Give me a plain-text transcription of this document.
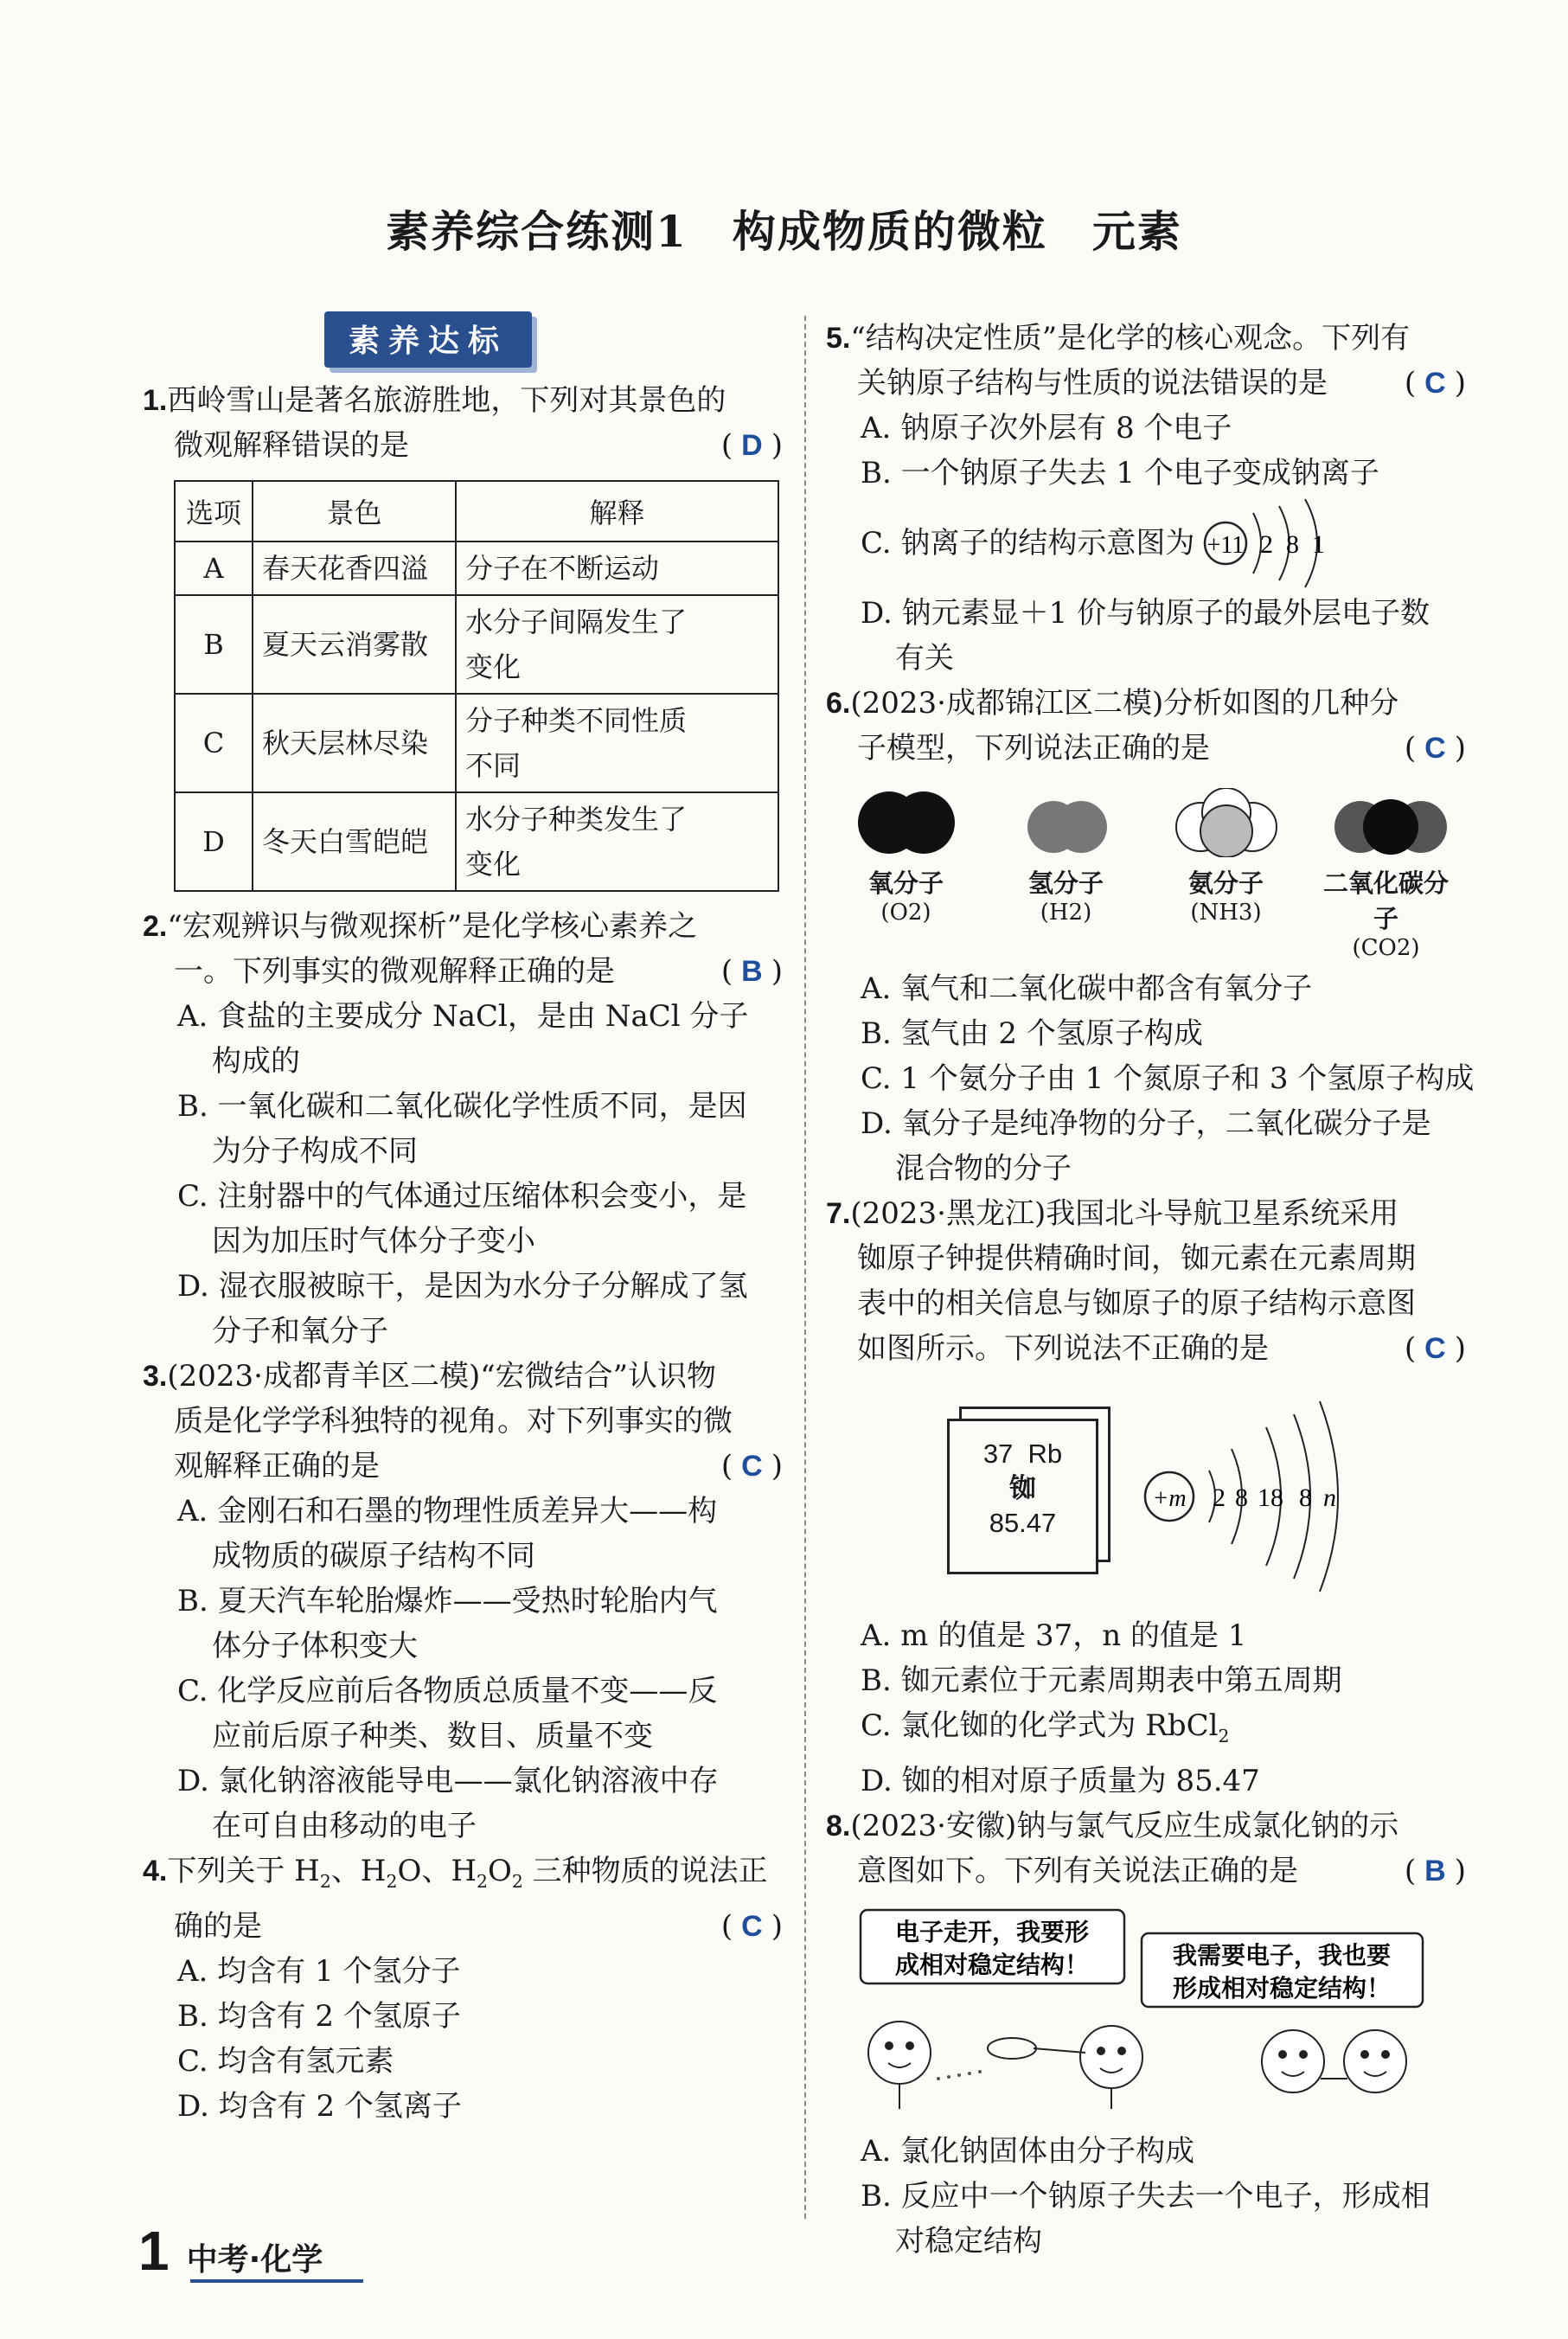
素养综合练测1　构成物质的微粒　元素
素养达标
1.西岭雪山是著名旅游胜地，下列对其景色的
微观解释错误的是	( D )
选项	景色	解释
A	春天花香四溢	分子在不断运动

B	夏天云消雾散	水分子间隔发生了
变化

C	秋天层林尽染	分子种类不同性质
不同

D	冬天白雪皑皑	水分子种类发生了
变化
2.“宏观辨识与微观探析”是化学核心素养之
一。下列事实的微观解释正确的是	( B )
A. 食盐的主要成分 NaCl，是由 NaCl 分子
构成的
B. 一氧化碳和二氧化碳化学性质不同，是因
为分子构成不同
C. 注射器中的气体通过压缩体积会变小，是
因为加压时气体分子变小
D. 湿衣服被晾干，是因为水分子分解成了氢
分子和氧分子
3.(2023·成都青羊区二模)“宏微结合”认识物
质是化学学科独特的视角。对下列事实的微
观解释正确的是	( C )
A. 金刚石和石墨的物理性质差异大——构
成物质的碳原子结构不同
B. 夏天汽车轮胎爆炸——受热时轮胎内气
体分子体积变大
C. 化学反应前后各物质总质量不变——反
应前后原子种类、数目、质量不变
D. 氯化钠溶液能导电——氯化钠溶液中存
在可自由移动的电子
4.下列关于 $H_2$、$H_2O$、$H_2O_2$ 三种物质的说法正
确的是	( C )
A. 均含有 1 个氢分子
B. 均含有 2 个氢原子
C. 均含有氢元素
D. 均含有 2 个氢离子
5.“结构决定性质”是化学的核心观念。下列有
关钠原子结构与性质的说法错误的是	( C )
A. 钠原子次外层有 8 个电子
B. 一个钠原子失去 1 个电子变成钠离子
C. 钠离子的结构示意图为 +11 2 8 1
D. 钠元素显＋1 价与钠原子的最外层电子数
有关
6.(2023·成都锦江区二模)分析如图的几种分
子模型，下列说法正确的是	( C )
氧分子
(O2)
氢分子
(H2)
氨分子
(NH3)
二氧化碳分子
(CO2)
A. 氧气和二氧化碳中都含有氧分子
B. 氢气由 2 个氢原子构成
C. 1 个氨分子由 1 个氮原子和 3 个氢原子构成
D. 氧分子是纯净物的分子，二氧化碳分子是
混合物的分子
7.(2023·黑龙江)我国北斗导航卫星系统采用
铷原子钟提供精确时间，铷元素在元素周期
表中的相关信息与铷原子的原子结构示意图
如图所示。下列说法不正确的是	( C )
37 Rb
铷
85.47
+m 2 8 18 8 n
A. m 的值是 37，n 的值是 1
B. 铷元素位于元素周期表中第五周期
C. 氯化铷的化学式为 RbCl$_2$
D. 铷的相对原子质量为 85.47
8.(2023·安徽)钠与氯气反应生成氯化钠的示
意图如下。下列有关说法正确的是	( B )
电子走开，我要形
成相对稳定结构！	我需要电子，我也要
形成相对稳定结构！
A. 氯化钠固体由分子构成
B. 反应中一个钠原子失去一个电子，形成相
对稳定结构
1 中考·化学
